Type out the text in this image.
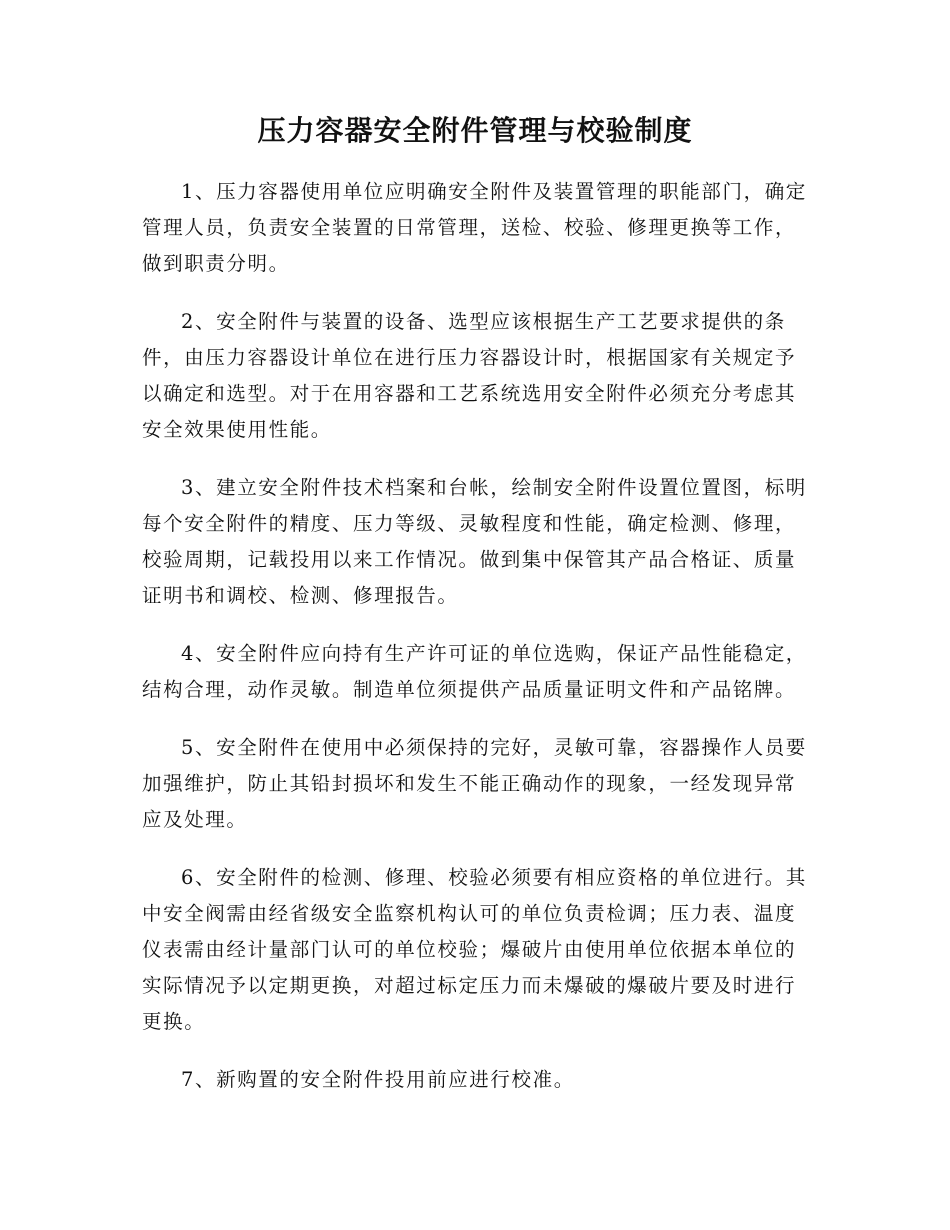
压力容器安全附件管理与校验制度

1、压力容器使用单位应明确安全附件及装置管理的职能部门，确定管理人员，负责安全装置的日常管理，送检、校验、修理更换等工作，做到职责分明。

2、安全附件与装置的设备、选型应该根据生产工艺要求提供的条件，由压力容器设计单位在进行压力容器设计时，根据国家有关规定予以确定和选型。对于在用容器和工艺系统选用安全附件必须充分考虑其安全效果使用性能。

3、建立安全附件技术档案和台帐，绘制安全附件设置位置图，标明每个安全附件的精度、压力等级、灵敏程度和性能，确定检测、修理，校验周期，记载投用以来工作情况。做到集中保管其产品合格证、质量证明书和调校、检测、修理报告。

4、安全附件应向持有生产许可证的单位选购，保证产品性能稳定，结构合理，动作灵敏。制造单位须提供产品质量证明文件和产品铭牌。

5、安全附件在使用中必须保持的完好，灵敏可靠，容器操作人员要加强维护，防止其铅封损坏和发生不能正确动作的现象，一经发现异常应及处理。

6、安全附件的检测、修理、校验必须要有相应资格的单位进行。其中安全阀需由经省级安全监察机构认可的单位负责检调；压力表、温度仪表需由经计量部门认可的单位校验；爆破片由使用单位依据本单位的实际情况予以定期更换，对超过标定压力而未爆破的爆破片要及时进行更换。

7、新购置的安全附件投用前应进行校准。
